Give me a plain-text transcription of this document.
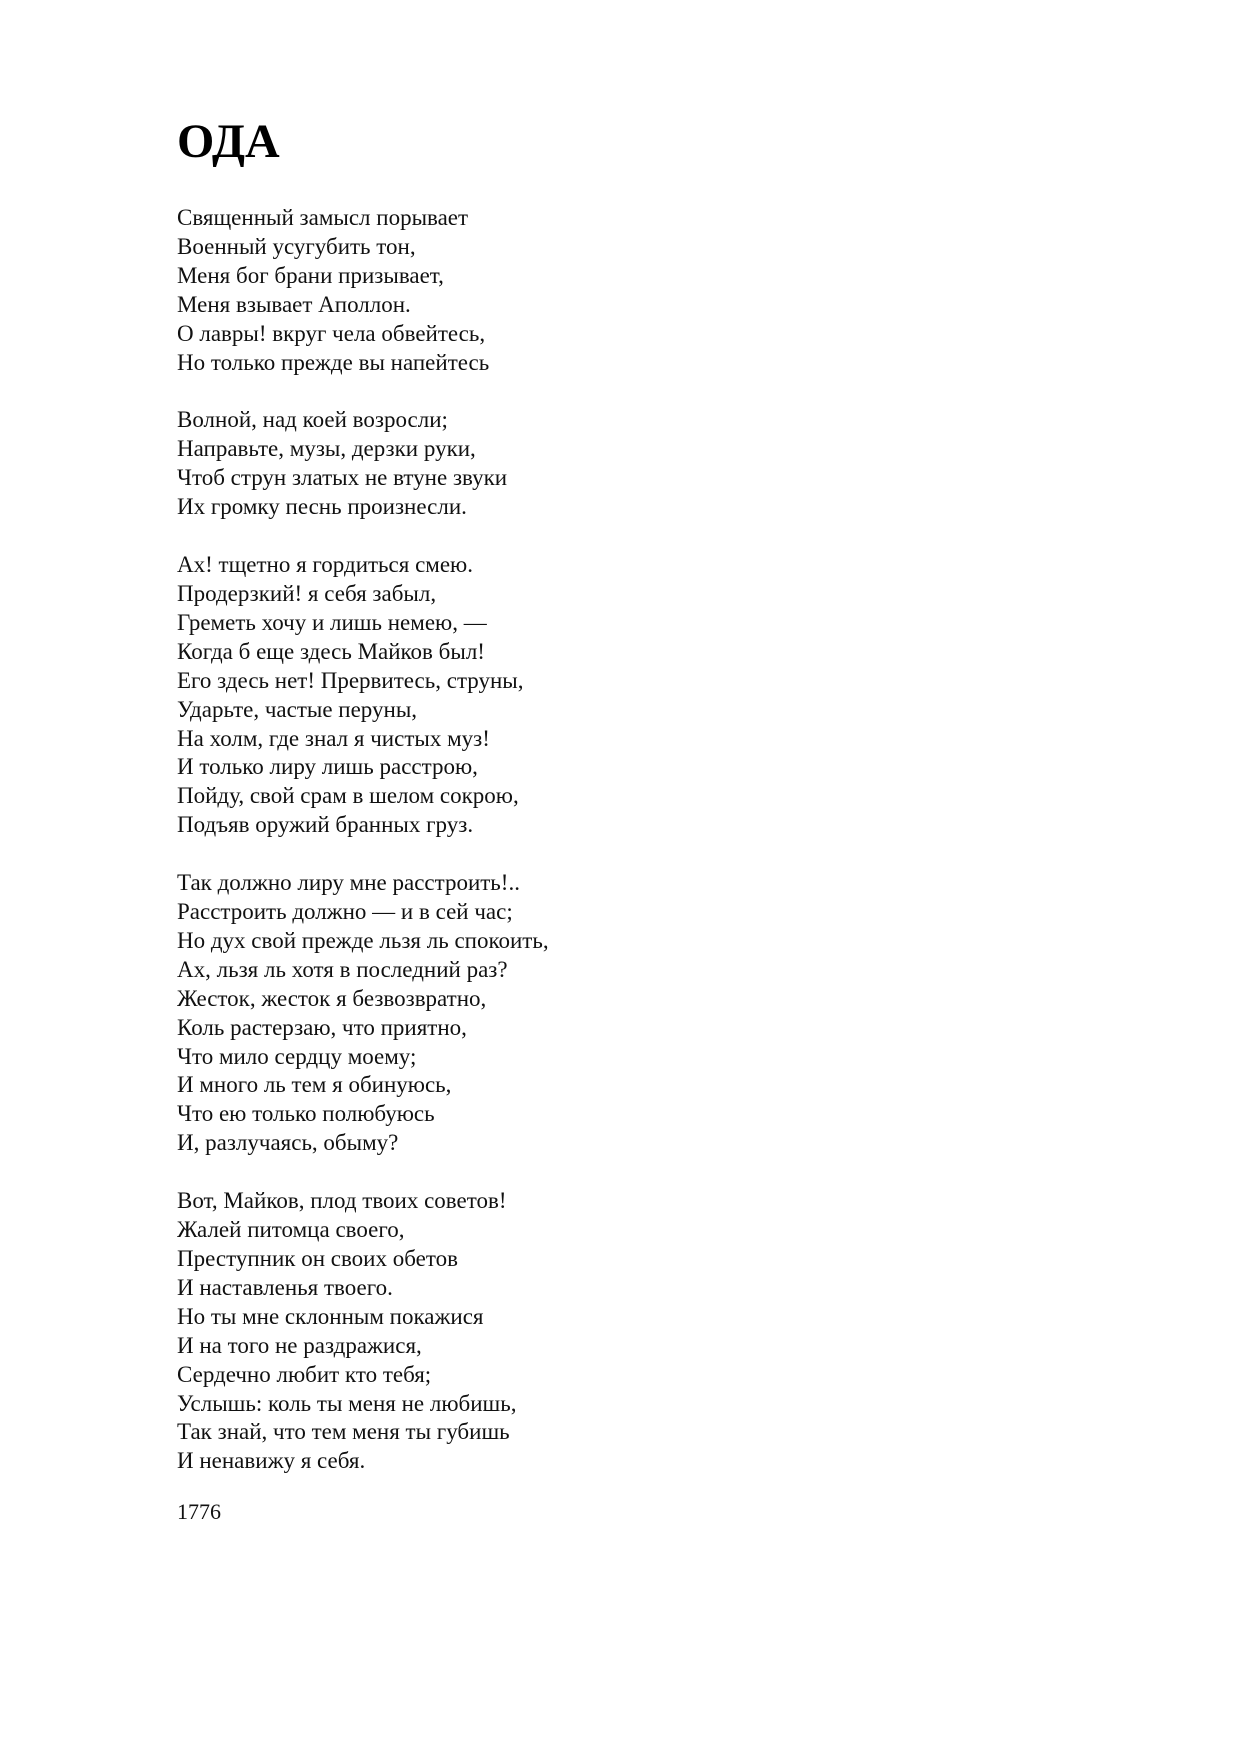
ОДА
Священный замысл порывает
Военный усугубить тон,
Меня бог брани призывает,
Меня взывает Аполлон.
О лавры! вкруг чела обвейтесь,
Но только прежде вы напейтесь
Волной, над коей возросли;
Направьте, музы, дерзки руки,
Чтоб струн златых не втуне звуки
Их громку песнь произнесли.
Ах! тщетно я гордиться смею.
Продерзкий! я себя забыл,
Греметь хочу и лишь немею, —
Когда б еще здесь Майков был!
Его здесь нет! Прервитесь, струны,
Ударьте, частые перуны,
На холм, где знал я чистых муз!
И только лиру лишь расстрою,
Пойду, свой срам в шелом сокрою,
Подъяв оружий бранных груз.
Так должно лиру мне расстроить!..
Расстроить должно — и в сей час;
Но дух свой прежде льзя ль спокоить,
Ах, льзя ль хотя в последний раз?
Жесток, жесток я безвозвратно,
Коль растерзаю, что приятно,
Что мило сердцу моему;
И много ль тем я обинуюсь,
Что ею только полюбуюсь
И, разлучаясь, обыму?
Вот, Майков, плод твоих советов!
Жалей питомца своего,
Преступник он своих обетов
И наставленья твоего.
Но ты мне склонным покажися
И на того не раздражися,
Сердечно любит кто тебя;
Услышь: коль ты меня не любишь,
Так знай, что тем меня ты губишь
И ненавижу я себя.

1776
